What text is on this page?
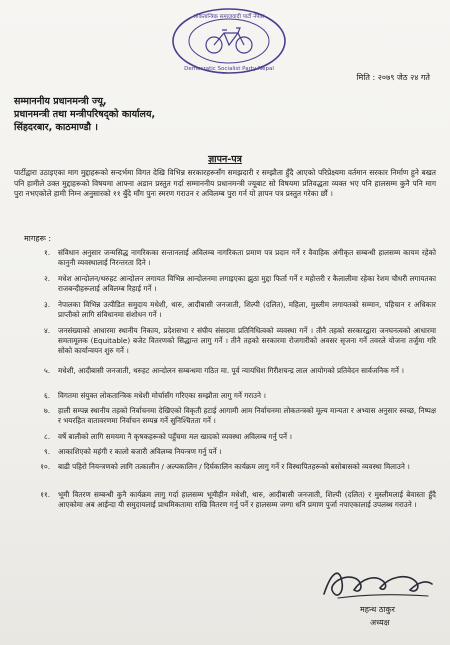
लोकतान्त्रिक समाजवादी पार्टी नेपाल
Democratic Socialist Party Nepal
मिति : २०७९ जेठ २४ गते
सम्माननीय प्रधानमन्त्री ज्यू,
प्रधानमन्त्री तथा मन्त्रीपरिषद्को कार्यालय,
सिंहदरबार, काठमाण्डौ ।
ज्ञापन-पत्र
पार्टीद्वारा उठाइएका माग मुद्दाहरूको सन्दर्भमा विगत देखि विभिन्न सरकारहरूसँग समझदारी र सम्झौता हुँदै आएको परिप्रेक्ष्यमा वर्तमान सरकार निर्माण हुने बखत पनि हामीले उक्त मुद्दाहरूको विषयमा आफ्ना अडान प्रस्तुत गर्दा सम्माननीय प्रधानमन्त्री ज्यूबाट सो विषयमा प्रतिवद्धता व्यक्त भए पनि हालसम्म कुनै पनि माग पुरा नभएकोले हामी निम्न अनुसारको ११ बुँदे माँग पुनः स्मरण गराउन र अविलम्ब पुरा गर्न यो ज्ञापन पत्र प्रस्तुत गरेका छौं ।
मागहरू :
१. संविधान अनुसार जन्मसिद्ध नागरिकका सन्तानलाई अविलम्ब नागरिकता प्रमाण पत्र प्रदान गर्ने र वैवाहिक अंगीकृत सम्बन्धी हालसम्म कायम रहेको कानुनी व्यवस्थालाई निरन्तरता दिने ।
२. मधेश आन्दोलन/थरुहट आन्दोलन लगायत विभिन्न आन्दोलनमा लगाइएका झुठा मुद्दा फिर्ता गर्ने र महोत्तरी र कैलालीमा रहेका रेशम चौधरी लगायतका राजबन्दीहरूलाई अविलम्ब रिहाई गर्ने ।
३. नेपालका विभिन्न उत्पीडित समुदाय मधेशी, थारु, आदीबासी जनजाती, शिल्पी (दलित), महिला, मुस्लीम लगायतको सम्मान, पहिचान र अधिकार प्राप्तीको लागि संविधानमा संशोधन गर्ने ।
४. जनसंख्याको आधारमा स्थानीय निकाय, प्रदेशसभा र संघीय संसदमा प्रतिनिधित्वको व्यवस्था गर्ने । तीनै तहको सरकारद्वारा जनघनत्वको आधारमा समतामूलक (Equitable) बजेट वितरणको सिद्धान्त लागु गर्ने । तीनै तहको सरकारमा रोजगारीको अवसर सृजना गर्ने तवरले योजना तर्जुमा गरि सोको कार्यान्वयन शुरु गर्ने ।
५. मधेशी, आदीबासी जनजाती, थरुहट आन्दोलन सम्बन्धमा गठित मा. पूर्व न्यायधिश गिरीशचन्द्र लाल आयोगको प्रतिवेदन सार्वजनिक गर्ने ।
६. विगतमा संयुक्त लोकतान्त्रिक मधेशी मोर्चासँग गरिएका सम्झौता लागु गर्ने गराउने ।
७. हाली सम्पन्न स्थानीय तहको निर्वाचनमा देखिएको विकृती हटाई आगामी आम निर्वाचनमा लोकतन्त्रको मूल्य मान्यता र अभ्यास अनुसार स्वच्छ, निष्पक्ष र भयरहित वातावरणमा निर्वाचन सम्पन्न गर्ने सुनिश्चितता गर्ने ।
८. वर्षे बालीको लागि समयमा नै कृषकहरूको पहुँचमा मल खादको व्यवस्था अविलम्ब गर्नु पर्ने ।
९. आकाशिएको महंगी र कालो बजारी अविलम्ब नियन्त्रण गर्नु पर्ने ।
१०. बाढी पहिरो नियन्त्रणको लागि तत्कालीन / अल्पकालिन / दिर्घकालिन कार्यक्रम लागु गर्ने र विस्थापितहरूको बसोबासको व्यवस्था मिलाउने ।
११. भूमी वितरण सम्बन्धी कुनै कार्यक्रम लागु गर्दा हालसम्म भूमीहीन मधेशी, थारु, आदीबासी जनजाती, शिल्पी (दलित) र मुस्लीमलाई बेवास्ता हुँदै आएकोमा अब आईन्दा यी समुदायलाई प्राथमिकतामा राखि वितरण गर्नु पर्ने र हालसम्म जग्गा धनि प्रमाण पुर्जा नपाएकालाई उपलब्ध गराउने ।
महन्थ ठाकुर
अध्यक्ष
